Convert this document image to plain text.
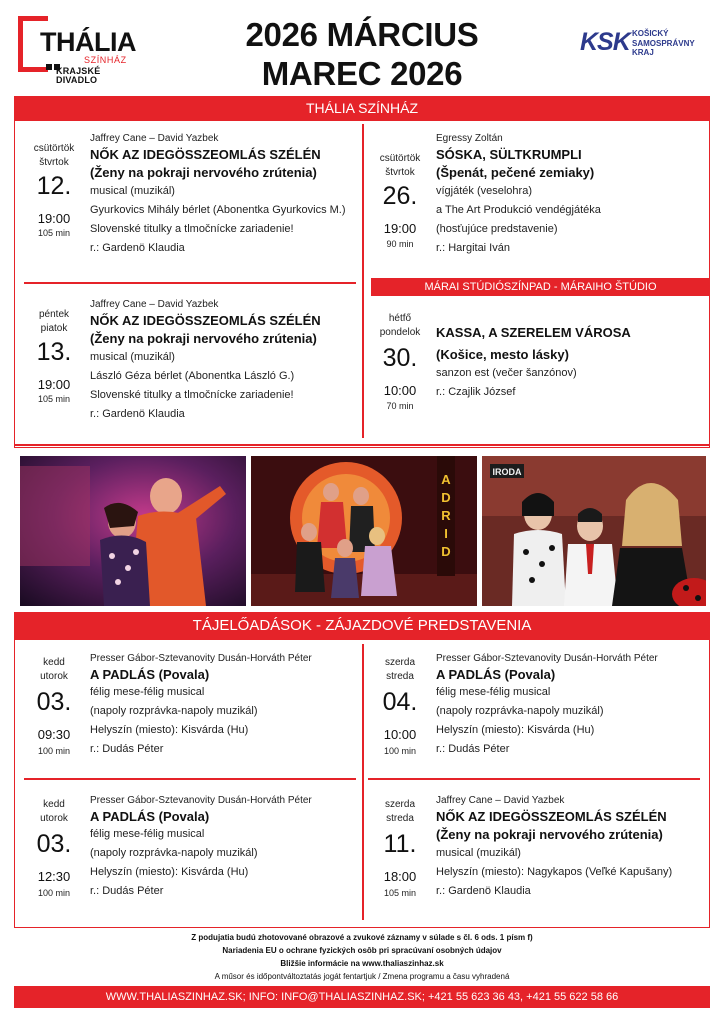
THÁLIA
SZÍNHÁZ
KRAJSKÉ DIVADLO
2026 MÁRCIUS
MAREC 2026
KSK KOŠICKÝ
SAMOSPRÁVNY
KRAJ
THÁLIA SZÍNHÁZ
MÁRAI STÚDIÓSZÍNPAD - MÁRAIHO ŠTÚDIO
csütörtök
štvrtok
12.
19:00
105 min
Jaffrey Cane – David Yazbek
NŐK AZ IDEGÖSSZEOMLÁS SZÉLÉN
(Ženy na pokraji nervového zrútenia)
musical (muzikál)
Gyurkovics Mihály bérlet (Abonentka Gyurkovics M.)
Slovenské titulky a tlmočnícke zariadenie!
r.: Gardenö Klaudia
péntek
piatok
13.
19:00
105 min
Jaffrey Cane – David Yazbek
NŐK AZ IDEGÖSSZEOMLÁS SZÉLÉN
(Ženy na pokraji nervového zrútenia)
musical (muzikál)
László Géza bérlet (Abonentka László G.)
Slovenské titulky a tlmočnícke zariadenie!
r.: Gardenö Klaudia
csütörtök
štvrtok
26.
19:00
90 min
Egressy Zoltán
SÓSKA, SÜLTKRUMPLI
(Špenát, pečené zemiaky)
vígjáték (veselohra)
a The Art Produkció vendégjátéka
(hosťujúce predstavenie)
r.: Hargitai Iván
hétfő
pondelok
30.
10:00
70 min
KASSA, A SZERELEM VÁROSA
(Košice, mesto lásky)
sanzon est (večer šanzónov)
r.: Czajlik József
A
D
R
I
D
IRODA
TÁJELŐADÁSOK - ZÁJAZDOVÉ PREDSTAVENIA
kedd
utorok
03.
09:30
100 min
Presser Gábor-Sztevanovity Dusán-Horváth Péter
A PADLÁS (Povala)
félig mese-félig musical
(napoly rozprávka-napoly muzikál)
Helyszín (miesto): Kisvárda (Hu)
r.: Dudás Péter
kedd
utorok
03.
12:30
100 min
Presser Gábor-Sztevanovity Dusán-Horváth Péter
A PADLÁS (Povala)
félig mese-félig musical
(napoly rozprávka-napoly muzikál)
Helyszín (miesto): Kisvárda (Hu)
r.: Dudás Péter
szerda
streda
04.
10:00
100 min
Presser Gábor-Sztevanovity Dusán-Horváth Péter
A PADLÁS (Povala)
félig mese-félig musical
(napoly rozprávka-napoly muzikál)
Helyszín (miesto): Kisvárda (Hu)
r.: Dudás Péter
szerda
streda
11.
18:00
105 min
Jaffrey Cane – David Yazbek
NŐK AZ IDEGÖSSZEOMLÁS SZÉLÉN
(Ženy na pokraji nervového zrútenia)
musical (muzikál)
Helyszín (miesto): Nagykapos (Veľké Kapušany)
r.: Gardenö Klaudia
Z podujatia budú zhotovované obrazové a zvukové záznamy v súlade s čl. 6 ods. 1 písm f)
Nariadenia EU o ochrane fyzických osôb pri spracúvaní osobných údajov
Bližšie informácie na www.thaliaszinhaz.sk
A műsor és időpontváltoztatás jogát fentartjuk / Zmena programu a času vyhradená
WWW.THALIASZINHAZ.SK; INFO: INFO@THALIASZINHAZ.SK; +421 55 623 36 43, +421 55 622 58 66
